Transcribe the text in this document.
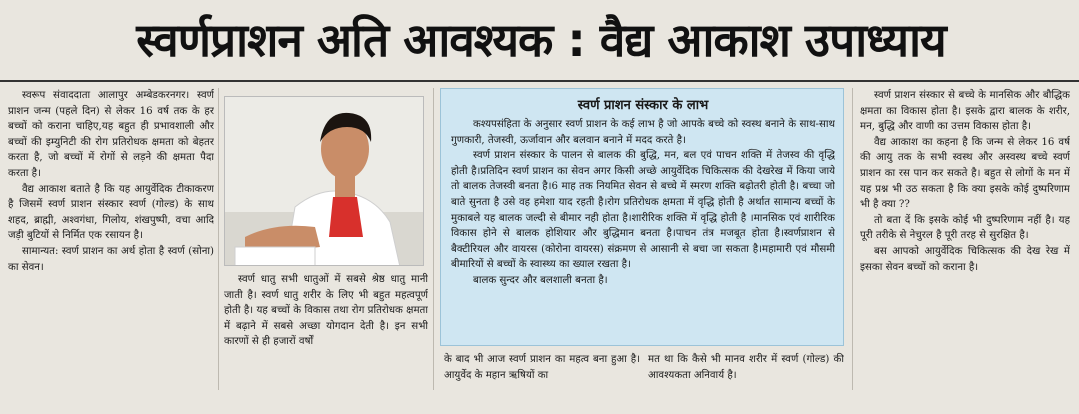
स्वर्णप्राशन अति आवश्यक : वैद्य आकाश उपाध्याय

स्वरूप संवाददाता आलापुर अम्बेडकरनगर। स्वर्ण प्राशन जन्म (पहले दिन) से लेकर 16 वर्ष तक के हर बच्चों को कराना चाहिए,यह बहुत ही प्रभावशाली और बच्चों की इम्युनिटी की रोग प्रतिरोधक क्षमता को बेहतर करता है, जो बच्चों में रोगों से लड़ने की क्षमता पैदा करता है।

वैद्य आकाश बताते है कि यह आयुर्वेदिक टीकाकरण है जिसमें स्वर्ण प्राशन संस्कार स्वर्ण (गोल्ड) के साथ शहद, ब्राह्मी, अश्वगंधा, गिलोय, शंखपुष्पी, वचा आदि जड़ी बुटियों से निर्मित एक रसायन है।

सामान्यत: स्वर्ण प्राशन का अर्थ होता है स्वर्ण (सोना) का सेवन।

स्वर्ण धातु सभी धातुओं में सबसे श्रेष्ठ धातु मानी जाती है। स्वर्ण धातु शरीर के लिए भी बहुत महत्वपूर्ण होती है। यह बच्चों के विकास तथा रोग प्रतिरोधक क्षमता में बढ़ाने में सबसे अच्छा योगदान देती है। इन सभी कारणों से ही हजारों वर्षों

स्वर्ण प्राशन संस्कार के लाभ

कश्यपसंहिता के अनुसार स्वर्ण प्राशन के कई लाभ है जो आपके बच्चे को स्वस्थ बनाने के साथ-साथ गुणकारी, तेजस्वी, ऊर्जावान और बलवान बनाने में मदद करते है।

स्वर्ण प्राशन संस्कार के पालन से बालक की बुद्धि, मन, बल एवं पाचन शक्ति में तेजस्व की वृद्धि होती है।प्रतिदिन स्वर्ण प्राशन का सेवन अगर किसी अच्छे आयुर्वेदिक चिकित्सक की देखरेख में किया जाये तो बालक तेजस्वी बनता है।6 माह तक नियमित सेवन से बच्चे में स्मरण शक्ति बढ़ोतरी होती है। बच्चा जो बाते सुनता है उसे वह हमेशा याद रहती है।रोग प्रतिरोधक क्षमता में वृद्धि होती है अर्थात सामान्य बच्चों के मुकाबले यह बालक जल्दी से बीमार नही होता है।शारीरिक शक्ति में वृद्धि होती है ।मानसिक एवं शारीरिक विकास होने से बालक होशियार और बुद्धिमान बनता है।पाचन तंत्र मजबूत होता है।स्वर्णप्राशन से बैक्टीरियल और वायरस (कोरोना वायरस) संक्रमण से आसानी से बचा जा सकता है।महामारी एवं मौसमी बीमारियों से बच्चों के स्वास्थ्य का ख्याल रखता है।

बालक सुन्दर और बलशाली बनता है।

के बाद भी आज स्वर्ण प्राशन का महत्व बना हुआ है। आयुर्वेद के महान ऋषियों का
मत था कि कैसे भी मानव शरीर में स्वर्ण (गोल्ड) की आवश्यकता अनिवार्य है।

स्वर्ण प्राशन संस्कार से बच्चे के मानसिक और बौद्धिक क्षमता का विकास होता है। इसके द्वारा बालक के शरीर, मन, बुद्धि और वाणी का उत्तम विकास होता है।

वैद्य आकाश का कहना है कि जन्म से लेकर 16 वर्ष की आयु तक के सभी स्वस्थ और अस्वस्थ बच्चे स्वर्ण प्राशन का रस पान कर सकते है। बहुत से लोगों के मन में यह प्रश्न भी उठ सकता है कि क्या इसके कोई दुष्परिणाम भी है क्या ??

तो बता दें कि इसके कोई भी दुष्परिणाम नहीं है। यह पूरी तरीके से नेचुरल है पूरी तरह से सुरक्षित है।

बस आपको आयुर्वेदिक चिकित्सक की देख रेख में इसका सेवन बच्चों को कराना है।
